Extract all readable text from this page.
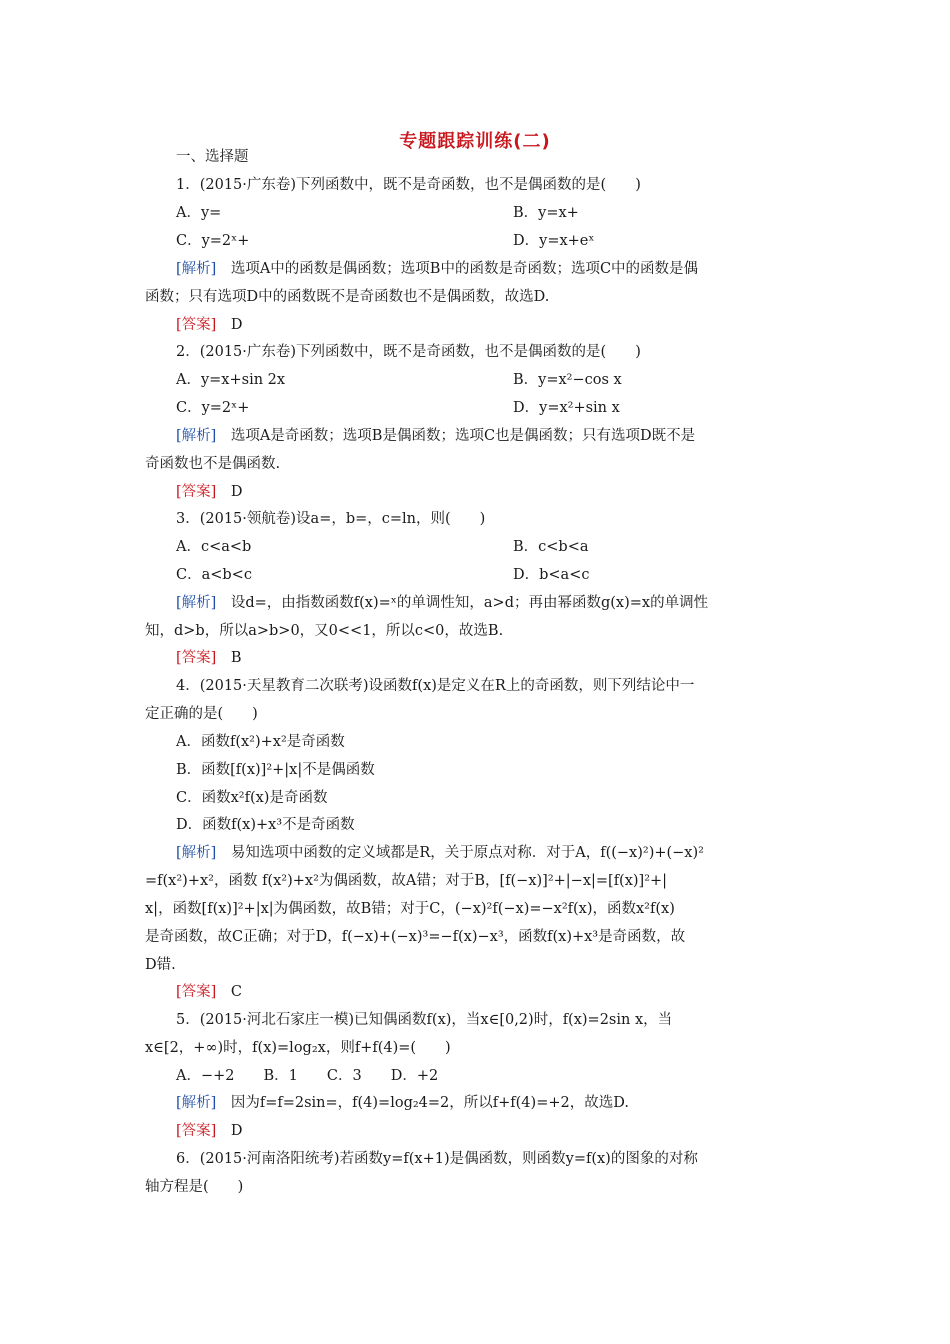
专题跟踪训练(二)
一、选择题
1．(2015·广东卷)下列函数中，既不是奇函数，也不是偶函数的是(　　)
A．y=	B．y=x+
C．y=2ˣ+	D．y=x+eˣ
[解析]　选项A中的函数是偶函数；选项B中的函数是奇函数；选项C中的函数是偶
函数；只有选项D中的函数既不是奇函数也不是偶函数，故选D.
[答案]　D
2．(2015·广东卷)下列函数中，既不是奇函数，也不是偶函数的是(　　)
A．y=x+sin 2x	B．y=x²−cos x
C．y=2ˣ+	D．y=x²+sin x
[解析]　选项A是奇函数；选项B是偶函数；选项C也是偶函数；只有选项D既不是
奇函数也不是偶函数.
[答案]　D
3．(2015·领航卷)设a=，b=，c=ln，则(　　)
A．c<a<b	B．c<b<a
C．a<b<c	D．b<a<c
[解析]　设d=，由指数函数f(x)=ˣ的单调性知，a>d；再由幂函数g(x)=x的单调性
知，d>b，所以a>b>0，又0<<1，所以c<0，故选B.
[答案]　B
4．(2015·天星教育二次联考)设函数f(x)是定义在R上的奇函数，则下列结论中一
定正确的是(　　)
A．函数f(x²)+x²是奇函数
B．函数[f(x)]²+|x|不是偶函数
C．函数x²f(x)是奇函数
D．函数f(x)+x³不是奇函数
[解析]　易知选项中函数的定义域都是R，关于原点对称．对于A，f((−x)²)+(−x)²
=f(x²)+x²，函数 f(x²)+x²为偶函数，故A错；对于B，[f(−x)]²+|−x|=[f(x)]²+|
x|，函数[f(x)]²+|x|为偶函数，故B错；对于C，(−x)²f(−x)=−x²f(x)，函数x²f(x)
是奇函数，故C正确；对于D，f(−x)+(−x)³=−f(x)−x³，函数f(x)+x³是奇函数，故
D错.
[答案]　C
5．(2015·河北石家庄一模)已知偶函数f(x)，当x∈[0,2)时，f(x)=2sin x，当
x∈[2，+∞)时，f(x)=log₂x，则f+f(4)=(　　)
A．−+2　　B．1　　C．3　　D．+2
[解析]　因为f=f=2sin=，f(4)=log₂4=2，所以f+f(4)=+2，故选D.
[答案]　D
6．(2015·河南洛阳统考)若函数y=f(x+1)是偶函数，则函数y=f(x)的图象的对称
轴方程是(　　)
